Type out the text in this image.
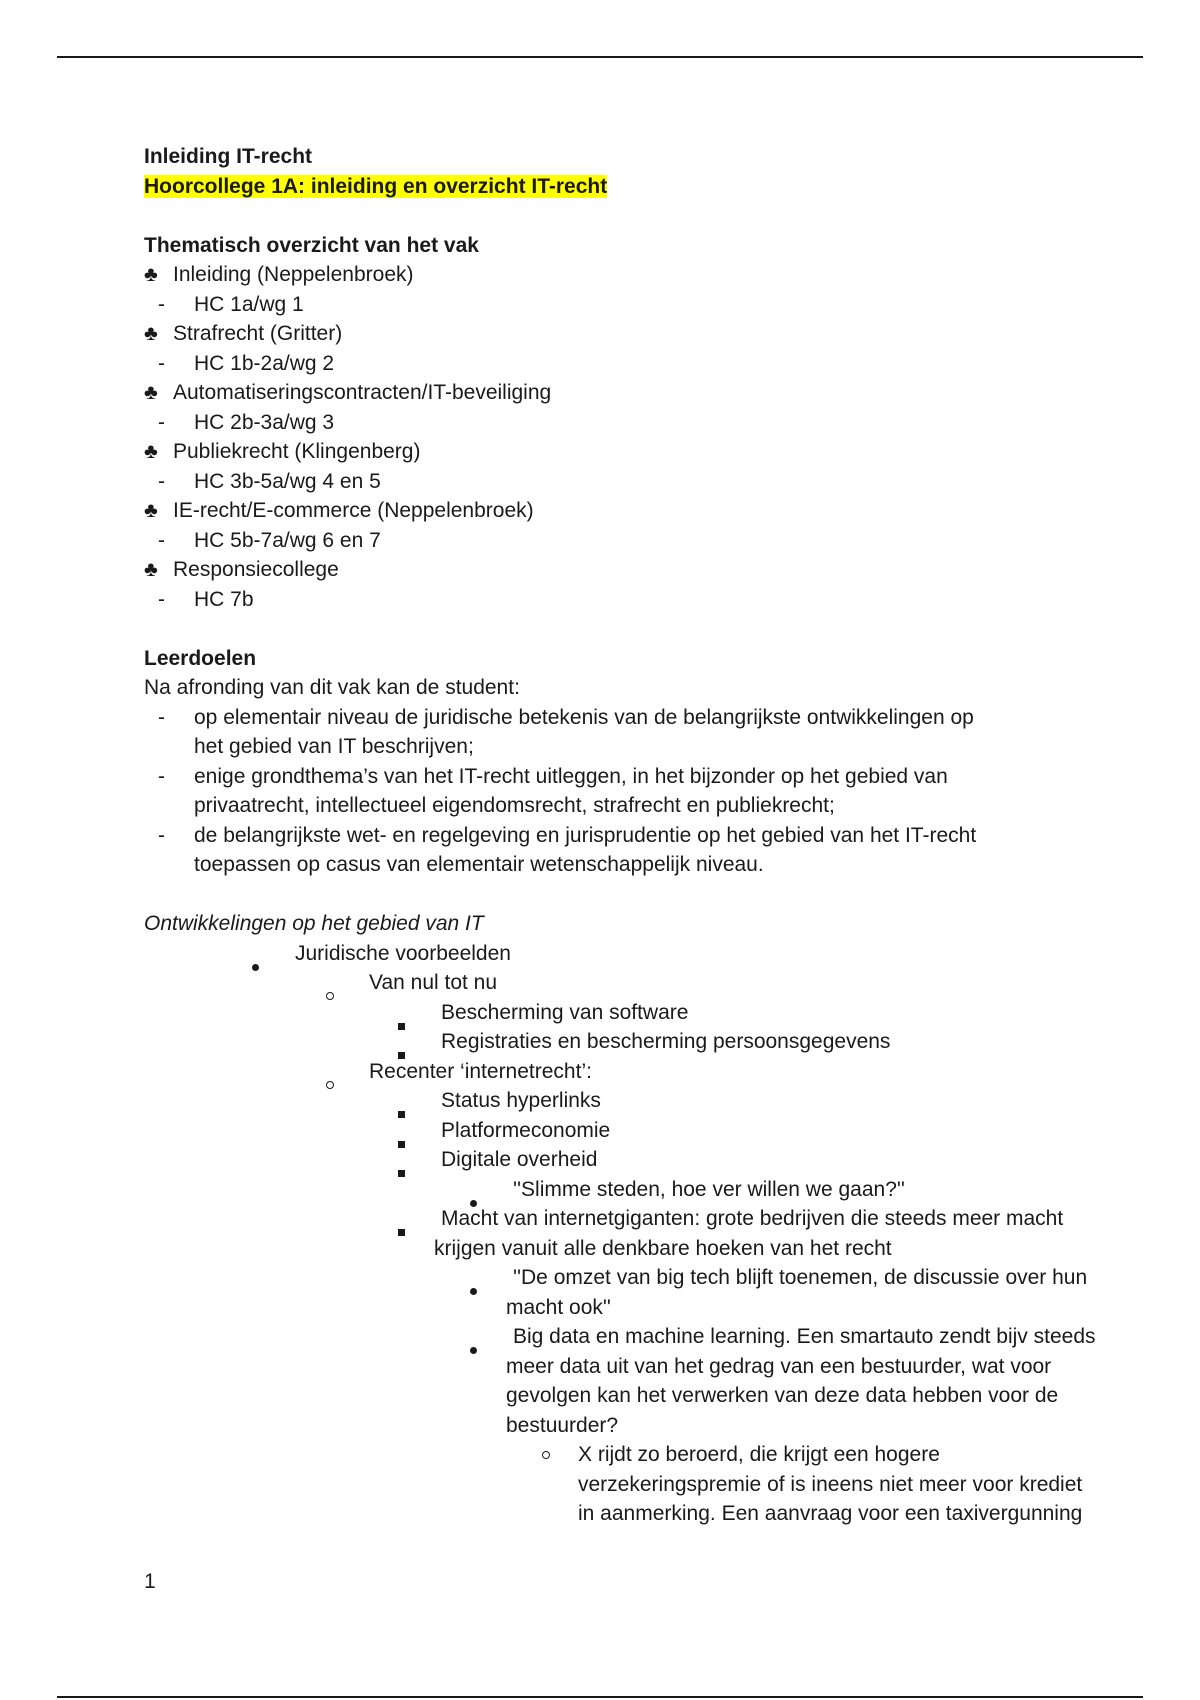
Inleiding IT-recht
Hoorcollege 1A: inleiding en overzicht IT-recht
Thematisch overzicht van het vak
♣ Inleiding (Neppelenbroek)
- HC 1a/wg 1
♣ Strafrecht (Gritter)
- HC 1b-2a/wg 2
♣ Automatiseringscontracten/IT-beveiliging
- HC 2b-3a/wg 3
♣ Publiekrecht (Klingenberg)
- HC 3b-5a/wg 4 en 5
♣ IE-recht/E-commerce (Neppelenbroek)
- HC 5b-7a/wg 6 en 7
♣ Responsiecollege
- HC 7b
Leerdoelen
Na afronding van dit vak kan de student:
- op elementair niveau de juridische betekenis van de belangrijkste ontwikkelingen op
het gebied van IT beschrijven;
- enige grondthema’s van het IT-recht uitleggen, in het bijzonder op het gebied van
privaatrecht, intellectueel eigendomsrecht, strafrecht en publiekrecht;
- de belangrijkste wet- en regelgeving en jurisprudentie op het gebied van het IT-recht
toepassen op casus van elementair wetenschappelijk niveau.
Ontwikkelingen op het gebied van IT
Juridische voorbeelden
Van nul tot nu
Bescherming van software
Registraties en bescherming persoonsgegevens
Recenter ‘internetrecht’:
Status hyperlinks
Platformeconomie
Digitale overheid
''Slimme steden, hoe ver willen we gaan?''
Macht van internetgiganten: grote bedrijven die steeds meer macht
krijgen vanuit alle denkbare hoeken van het recht
''De omzet van big tech blijft toenemen, de discussie over hun
macht ook''
Big data en machine learning. Een smartauto zendt bijv steeds
meer data uit van het gedrag van een bestuurder, wat voor
gevolgen kan het verwerken van deze data hebben voor de
bestuurder?
X rijdt zo beroerd, die krijgt een hogere
verzekeringspremie of is ineens niet meer voor krediet
in aanmerking. Een aanvraag voor een taxivergunning
1
